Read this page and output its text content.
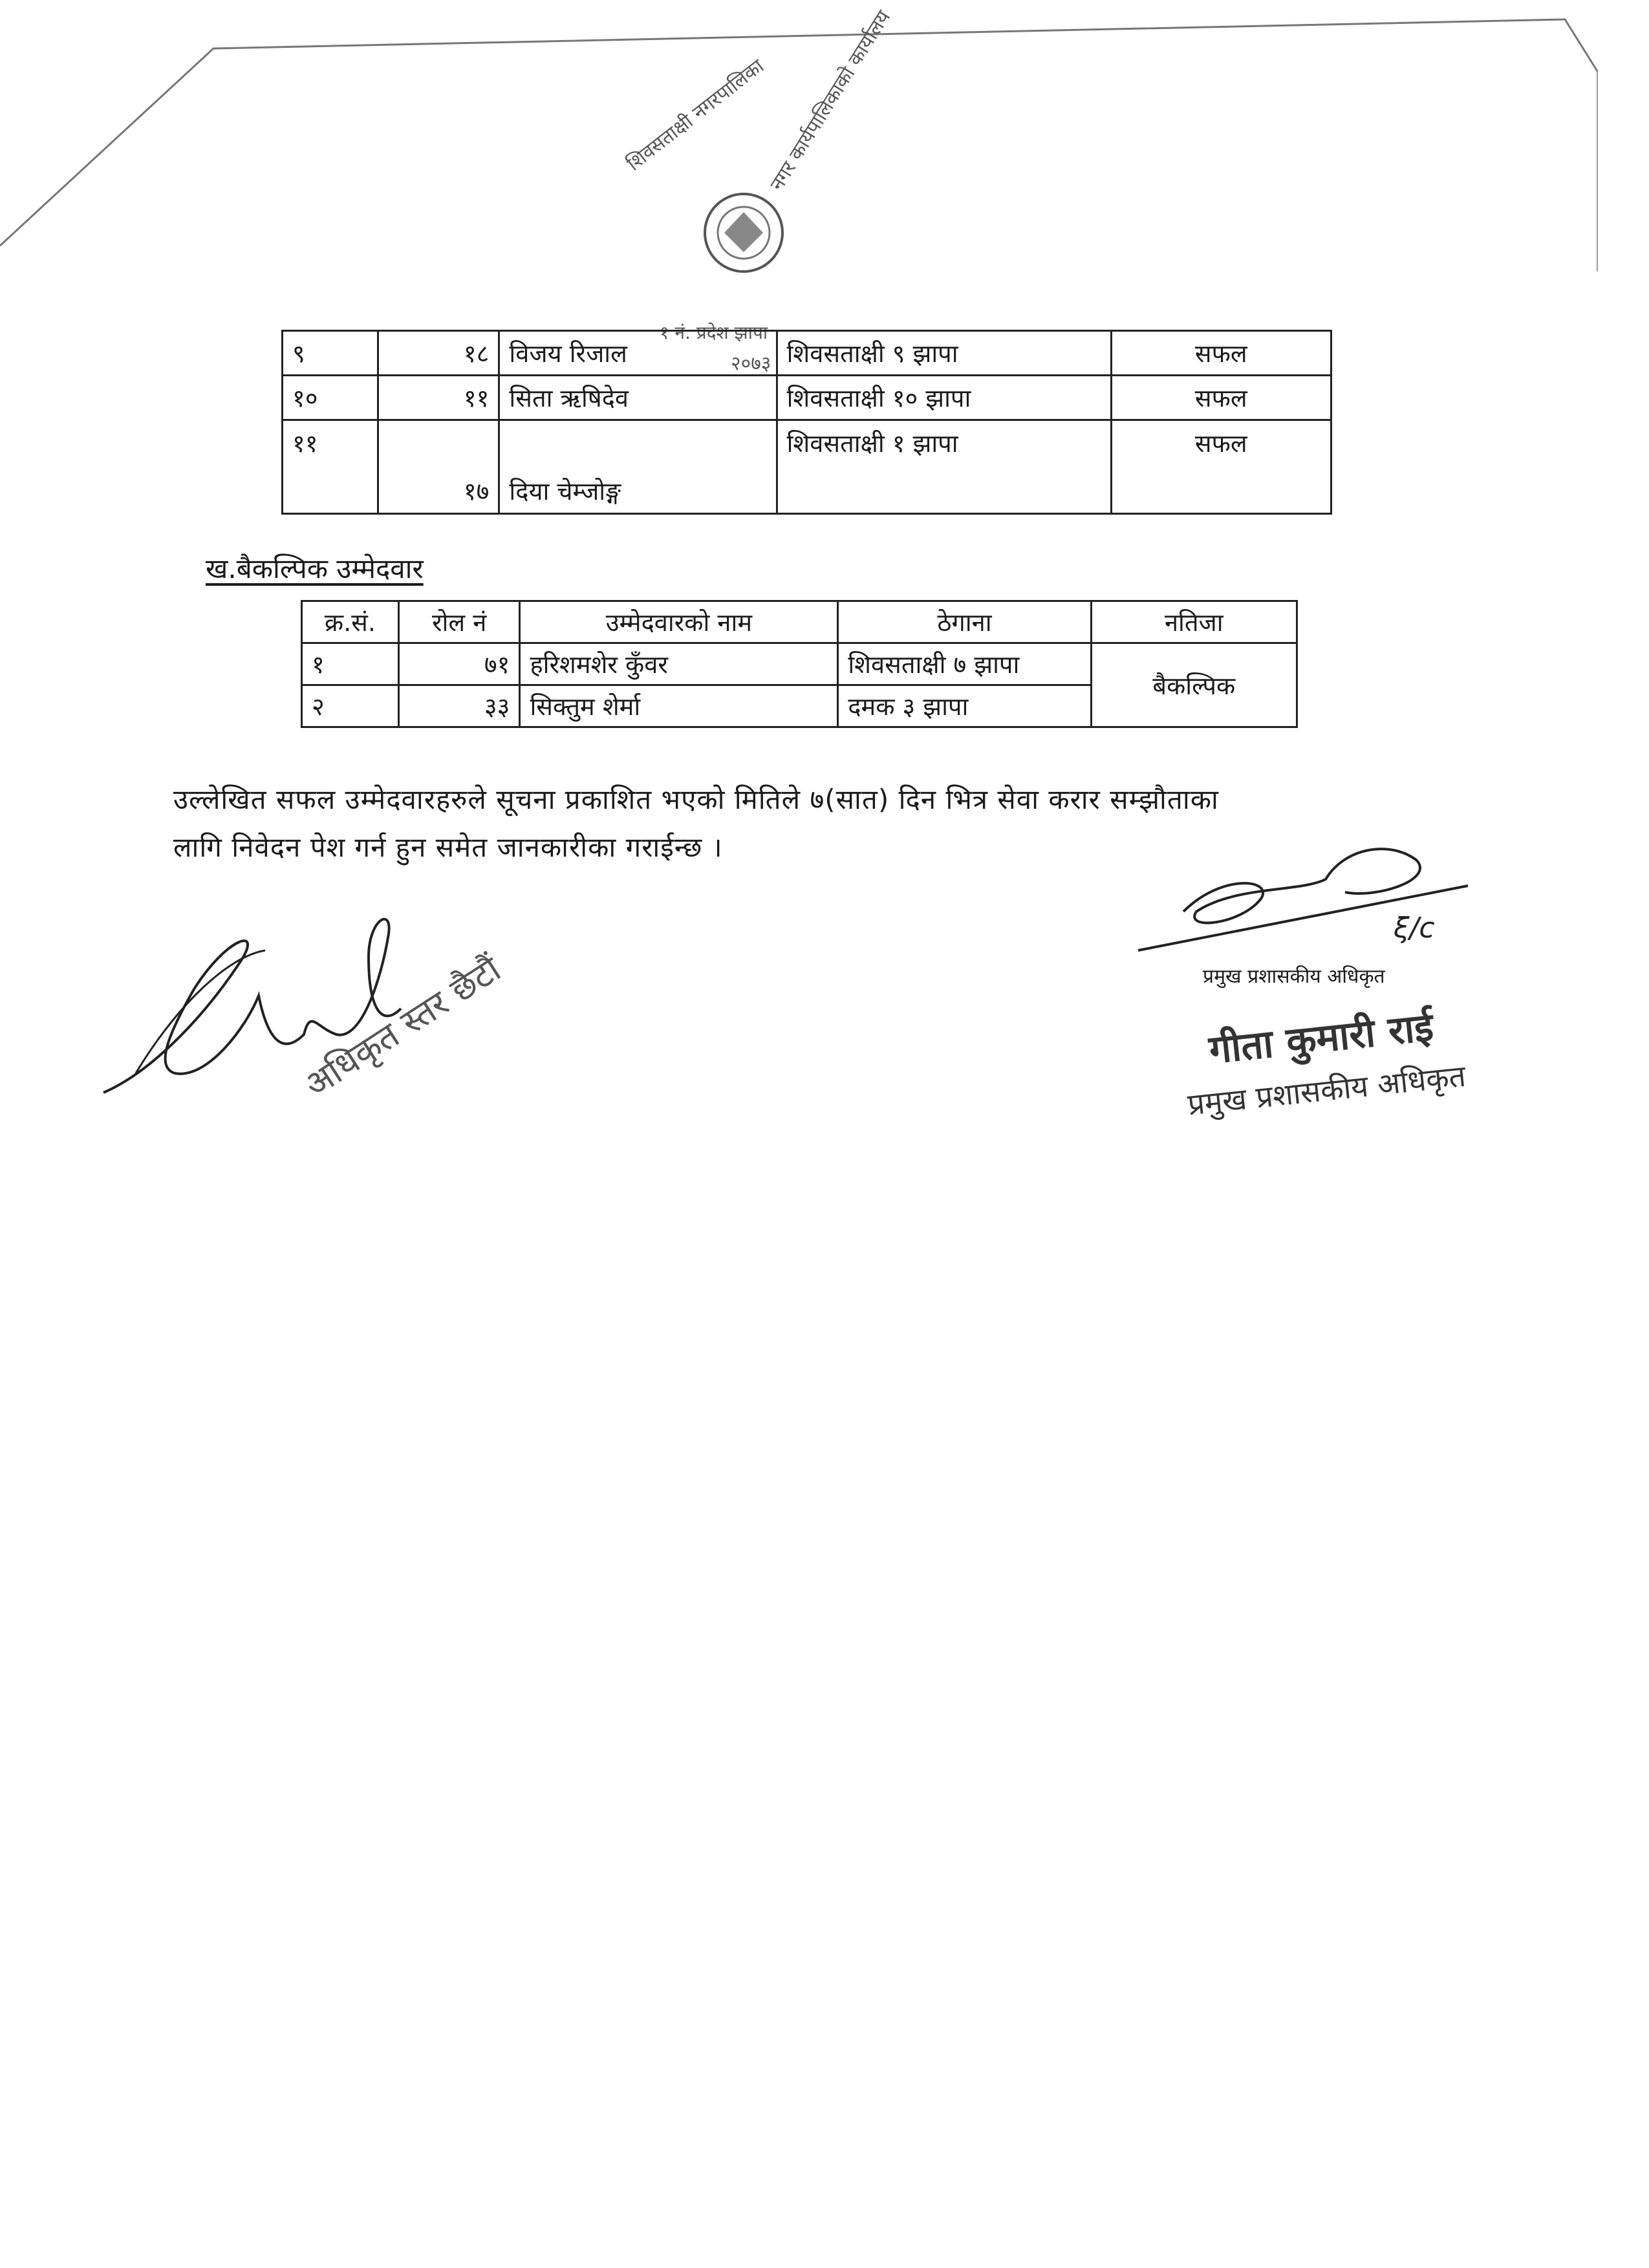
शिवसताक्षी नगरपालिका
नगर कार्यपालिकाको कार्यालय
१ नं. प्रदेश झापा
२०७३
९	१८	विजय रिजाल	शिवसताक्षी ९ झापा	सफल
१०	११	सिता ऋषिदेव	शिवसताक्षी १० झापा	सफल
११	१७	दिया चेम्जोङ्ग	शिवसताक्षी १ झापा	सफल
ख.बैकल्पिक उम्मेदवार
क्र.सं.	रोल नं	उम्मेदवारको नाम	ठेगाना	नतिजा
१	७१	हरिशमशेर कुँवर	शिवसताक्षी ७ झापा	बैकल्पिक
२	३३	सिक्तुम शेर्मा	दमक ३ झापा	
उल्लेखित सफल उम्मेदवारहरुले सूचना प्रकाशित भएको मितिले ७(सात) दिन भित्र सेवा करार सम्झौताका
लागि निवेदन पेश गर्न हुन समेत जानकारीका गराईन्छ ।
अधिकृत स्तर छैटौं
ξ/c
प्रमुख प्रशासकीय अधिकृत
गीता कुमारी राई
प्रमुख प्रशासकीय अधिकृत
